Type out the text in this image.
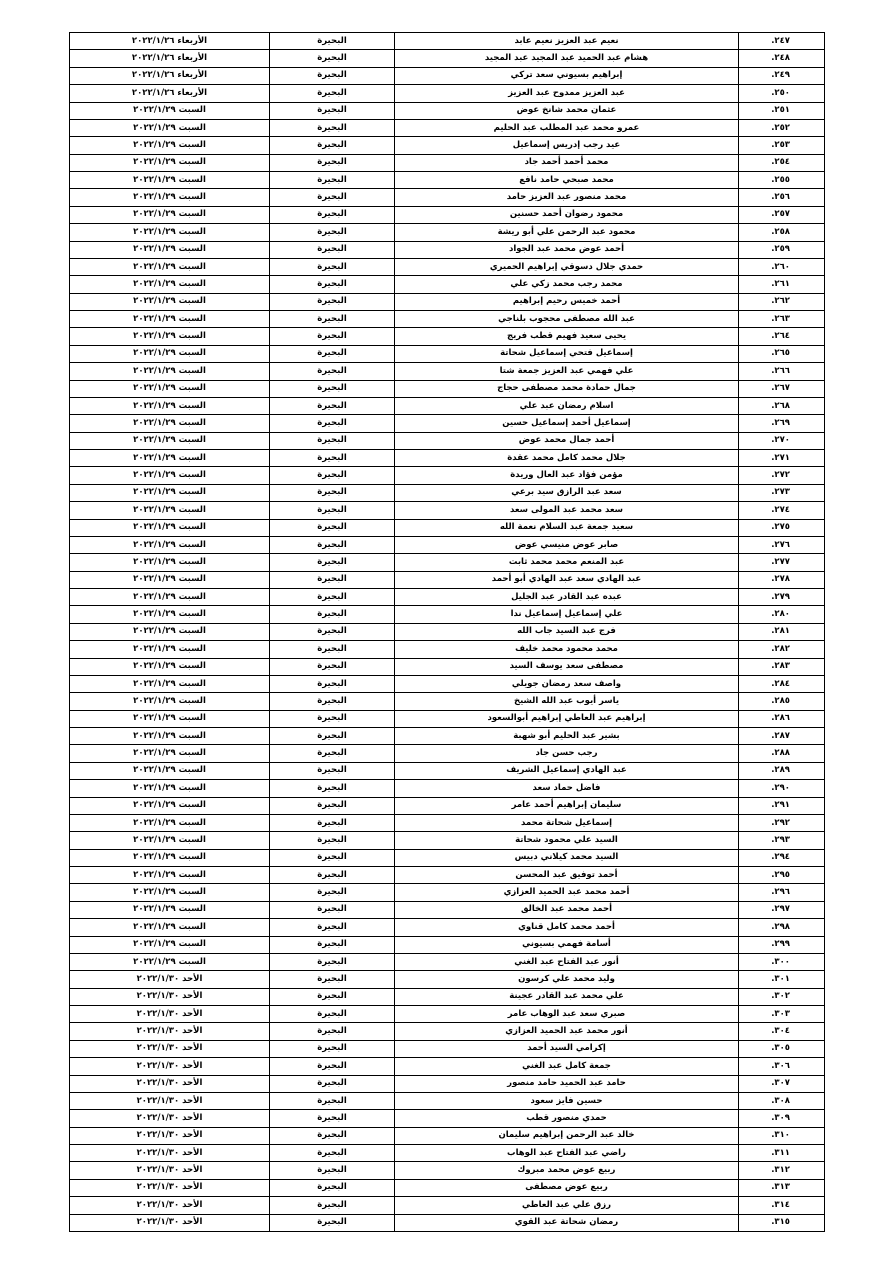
٢٤٧.	نعيم عبد العزيز نعيم عابد	البحيرة	الأربعاء ٢٠٢٢/١/٢٦
٢٤٨.	هشام عبد الحميد عبد المجيد عبد المجيد	البحيرة	الأربعاء ٢٠٢٢/١/٢٦
٢٤٩.	إبراهيم بسيوني سعد تركي	البحيرة	الأربعاء ٢٠٢٢/١/٢٦
٢٥٠.	عبد العزيز ممدوح عبد العزيز	البحيرة	الأربعاء ٢٠٢٢/١/٢٦
٢٥١.	عثمان محمد شانخ عوض	البحيرة	السبت ٢٠٢٢/١/٢٩
٢٥٢.	عمرو محمد عبد المطلب عبد الحليم	البحيرة	السبت ٢٠٢٢/١/٢٩
٢٥٣.	عيد رجب إدريس إسماعيل	البحيرة	السبت ٢٠٢٢/١/٢٩
٢٥٤.	محمد أحمد أحمد جاد	البحيرة	السبت ٢٠٢٢/١/٢٩
٢٥٥.	محمد صبحي حامد نافع	البحيرة	السبت ٢٠٢٢/١/٢٩
٢٥٦.	محمد منصور عبد العزيز حامد	البحيرة	السبت ٢٠٢٢/١/٢٩
٢٥٧.	محمود رضوان أحمد حسنين	البحيرة	السبت ٢٠٢٢/١/٢٩
٢٥٨.	محمود عبد الرحمن علي أبو ريشة	البحيرة	السبت ٢٠٢٢/١/٢٩
٢٥٩.	أحمد عوض محمد عبد الجواد	البحيرة	السبت ٢٠٢٢/١/٢٩
٢٦٠.	حمدي جلال دسوقي إبراهيم الحميري	البحيرة	السبت ٢٠٢٢/١/٢٩
٢٦١.	محمد رجب محمد زكي علي	البحيرة	السبت ٢٠٢٢/١/٢٩
٢٦٢.	أحمد خميس رحيم إبراهيم	البحيرة	السبت ٢٠٢٢/١/٢٩
٢٦٣.	عبد الله مصطفى محجوب بلناجي	البحيرة	السبت ٢٠٢٢/١/٢٩
٢٦٤.	يحيى سعيد فهيم قطب فريج	البحيرة	السبت ٢٠٢٢/١/٢٩
٢٦٥.	إسماعيل فتحي إسماعيل شحاتة	البحيرة	السبت ٢٠٢٢/١/٢٩
٢٦٦.	علي فهمي عبد العزيز جمعة شتا	البحيرة	السبت ٢٠٢٢/١/٢٩
٢٦٧.	جمال حمادة محمد مصطفى حجاج	البحيرة	السبت ٢٠٢٢/١/٢٩
٢٦٨.	اسلام رمضان عبد علي	البحيرة	السبت ٢٠٢٢/١/٢٩
٢٦٩.	إسماعيل أحمد إسماعيل حسين	البحيرة	السبت ٢٠٢٢/١/٢٩
٢٧٠.	أحمد جمال محمد عوض	البحيرة	السبت ٢٠٢٢/١/٢٩
٢٧١.	جلال محمد كامل محمد عقدة	البحيرة	السبت ٢٠٢٢/١/٢٩
٢٧٢.	مؤمن فؤاد عبد العال وريدة	البحيرة	السبت ٢٠٢٢/١/٢٩
٢٧٣.	سعد عبد الرازق سيد برعي	البحيرة	السبت ٢٠٢٢/١/٢٩
٢٧٤.	سعد محمد عبد المولى سعد	البحيرة	السبت ٢٠٢٢/١/٢٩
٢٧٥.	سعيد جمعة عبد السلام نعمة الله	البحيرة	السبت ٢٠٢٢/١/٢٩
٢٧٦.	صابر عوض منيسي عوض	البحيرة	السبت ٢٠٢٢/١/٢٩
٢٧٧.	عبد المنعم محمد محمد ثابت	البحيرة	السبت ٢٠٢٢/١/٢٩
٢٧٨.	عبد الهادي سعد عبد الهادي أبو أحمد	البحيرة	السبت ٢٠٢٢/١/٢٩
٢٧٩.	عبده عبد القادر عبد الجليل	البحيرة	السبت ٢٠٢٢/١/٢٩
٢٨٠.	علي إسماعيل إسماعيل ندا	البحيرة	السبت ٢٠٢٢/١/٢٩
٢٨١.	فرج عبد السيد جاب الله	البحيرة	السبت ٢٠٢٢/١/٢٩
٢٨٢.	محمد محمود محمد خليف	البحيرة	السبت ٢٠٢٢/١/٢٩
٢٨٣.	مصطفى سعد يوسف السيد	البحيرة	السبت ٢٠٢٢/١/٢٩
٢٨٤.	واصف سعد رمضان جويلي	البحيرة	السبت ٢٠٢٢/١/٢٩
٢٨٥.	ياسر أيوب عبد الله الشيخ	البحيرة	السبت ٢٠٢٢/١/٢٩
٢٨٦.	إبراهيم عبد العاطي إبراهيم أبوالسعود	البحيرة	السبت ٢٠٢٢/١/٢٩
٢٨٧.	بشير عبد الحليم أبو شهبة	البحيرة	السبت ٢٠٢٢/١/٢٩
٢٨٨.	رجب حسن جاد	البحيرة	السبت ٢٠٢٢/١/٢٩
٢٨٩.	عبد الهادي إسماعيل الشريف	البحيرة	السبت ٢٠٢٢/١/٢٩
٢٩٠.	فاضل حماد سعد	البحيرة	السبت ٢٠٢٢/١/٢٩
٢٩١.	سليمان إبراهيم أحمد عامر	البحيرة	السبت ٢٠٢٢/١/٢٩
٢٩٢.	إسماعيل شحاتة محمد	البحيرة	السبت ٢٠٢٢/١/٢٩
٢٩٣.	السيد علي محمود شحاتة	البحيرة	السبت ٢٠٢٢/١/٢٩
٢٩٤.	السيد محمد كيلاني دبيس	البحيرة	السبت ٢٠٢٢/١/٢٩
٢٩٥.	أحمد توفيق عبد المحسن	البحيرة	السبت ٢٠٢٢/١/٢٩
٢٩٦.	أحمد محمد عبد الحميد العزازي	البحيرة	السبت ٢٠٢٢/١/٢٩
٢٩٧.	أحمد محمد عبد الخالق	البحيرة	السبت ٢٠٢٢/١/٢٩
٢٩٨.	أحمد محمد كامل قناوي	البحيرة	السبت ٢٠٢٢/١/٢٩
٢٩٩.	أسامة فهمي بسيوني	البحيرة	السبت ٢٠٢٢/١/٢٩
٣٠٠.	أنور عبد الفتاح عبد الغني	البحيرة	السبت ٢٠٢٢/١/٢٩
٣٠١.	وليد محمد علي كرسون	البحيرة	الأحد ٢٠٢٢/١/٣٠
٣٠٢.	علي محمد عبد القادر عجينة	البحيرة	الأحد ٢٠٢٢/١/٣٠
٣٠٣.	صبري سعد عبد الوهاب عامر	البحيرة	الأحد ٢٠٢٢/١/٣٠
٣٠٤.	أنور محمد عبد الحميد العزازي	البحيرة	الأحد ٢٠٢٢/١/٣٠
٣٠٥.	إكرامي السيد أحمد	البحيرة	الأحد ٢٠٢٢/١/٣٠
٣٠٦.	جمعة كامل عبد الغني	البحيرة	الأحد ٢٠٢٢/١/٣٠
٣٠٧.	حامد عبد الحميد حامد منصور	البحيرة	الأحد ٢٠٢٢/١/٣٠
٣٠٨.	حسين فايز سعود	البحيرة	الأحد ٢٠٢٢/١/٣٠
٣٠٩.	حمدي منصور قطب	البحيرة	الأحد ٢٠٢٢/١/٣٠
٣١٠.	خالد عبد الرحمن إبراهيم سليمان	البحيرة	الأحد ٢٠٢٢/١/٣٠
٣١١.	راضي عبد الفتاح عبد الوهاب	البحيرة	الأحد ٢٠٢٢/١/٣٠
٣١٢.	ربيع عوض محمد مبروك	البحيرة	الأحد ٢٠٢٢/١/٣٠
٣١٣.	ربيع عوض مصطفى	البحيرة	الأحد ٢٠٢٢/١/٣٠
٣١٤.	رزق علي عبد العاطي	البحيرة	الأحد ٢٠٢٢/١/٣٠
٣١٥.	رمضان شحاتة عبد القوي	البحيرة	الأحد ٢٠٢٢/١/٣٠
